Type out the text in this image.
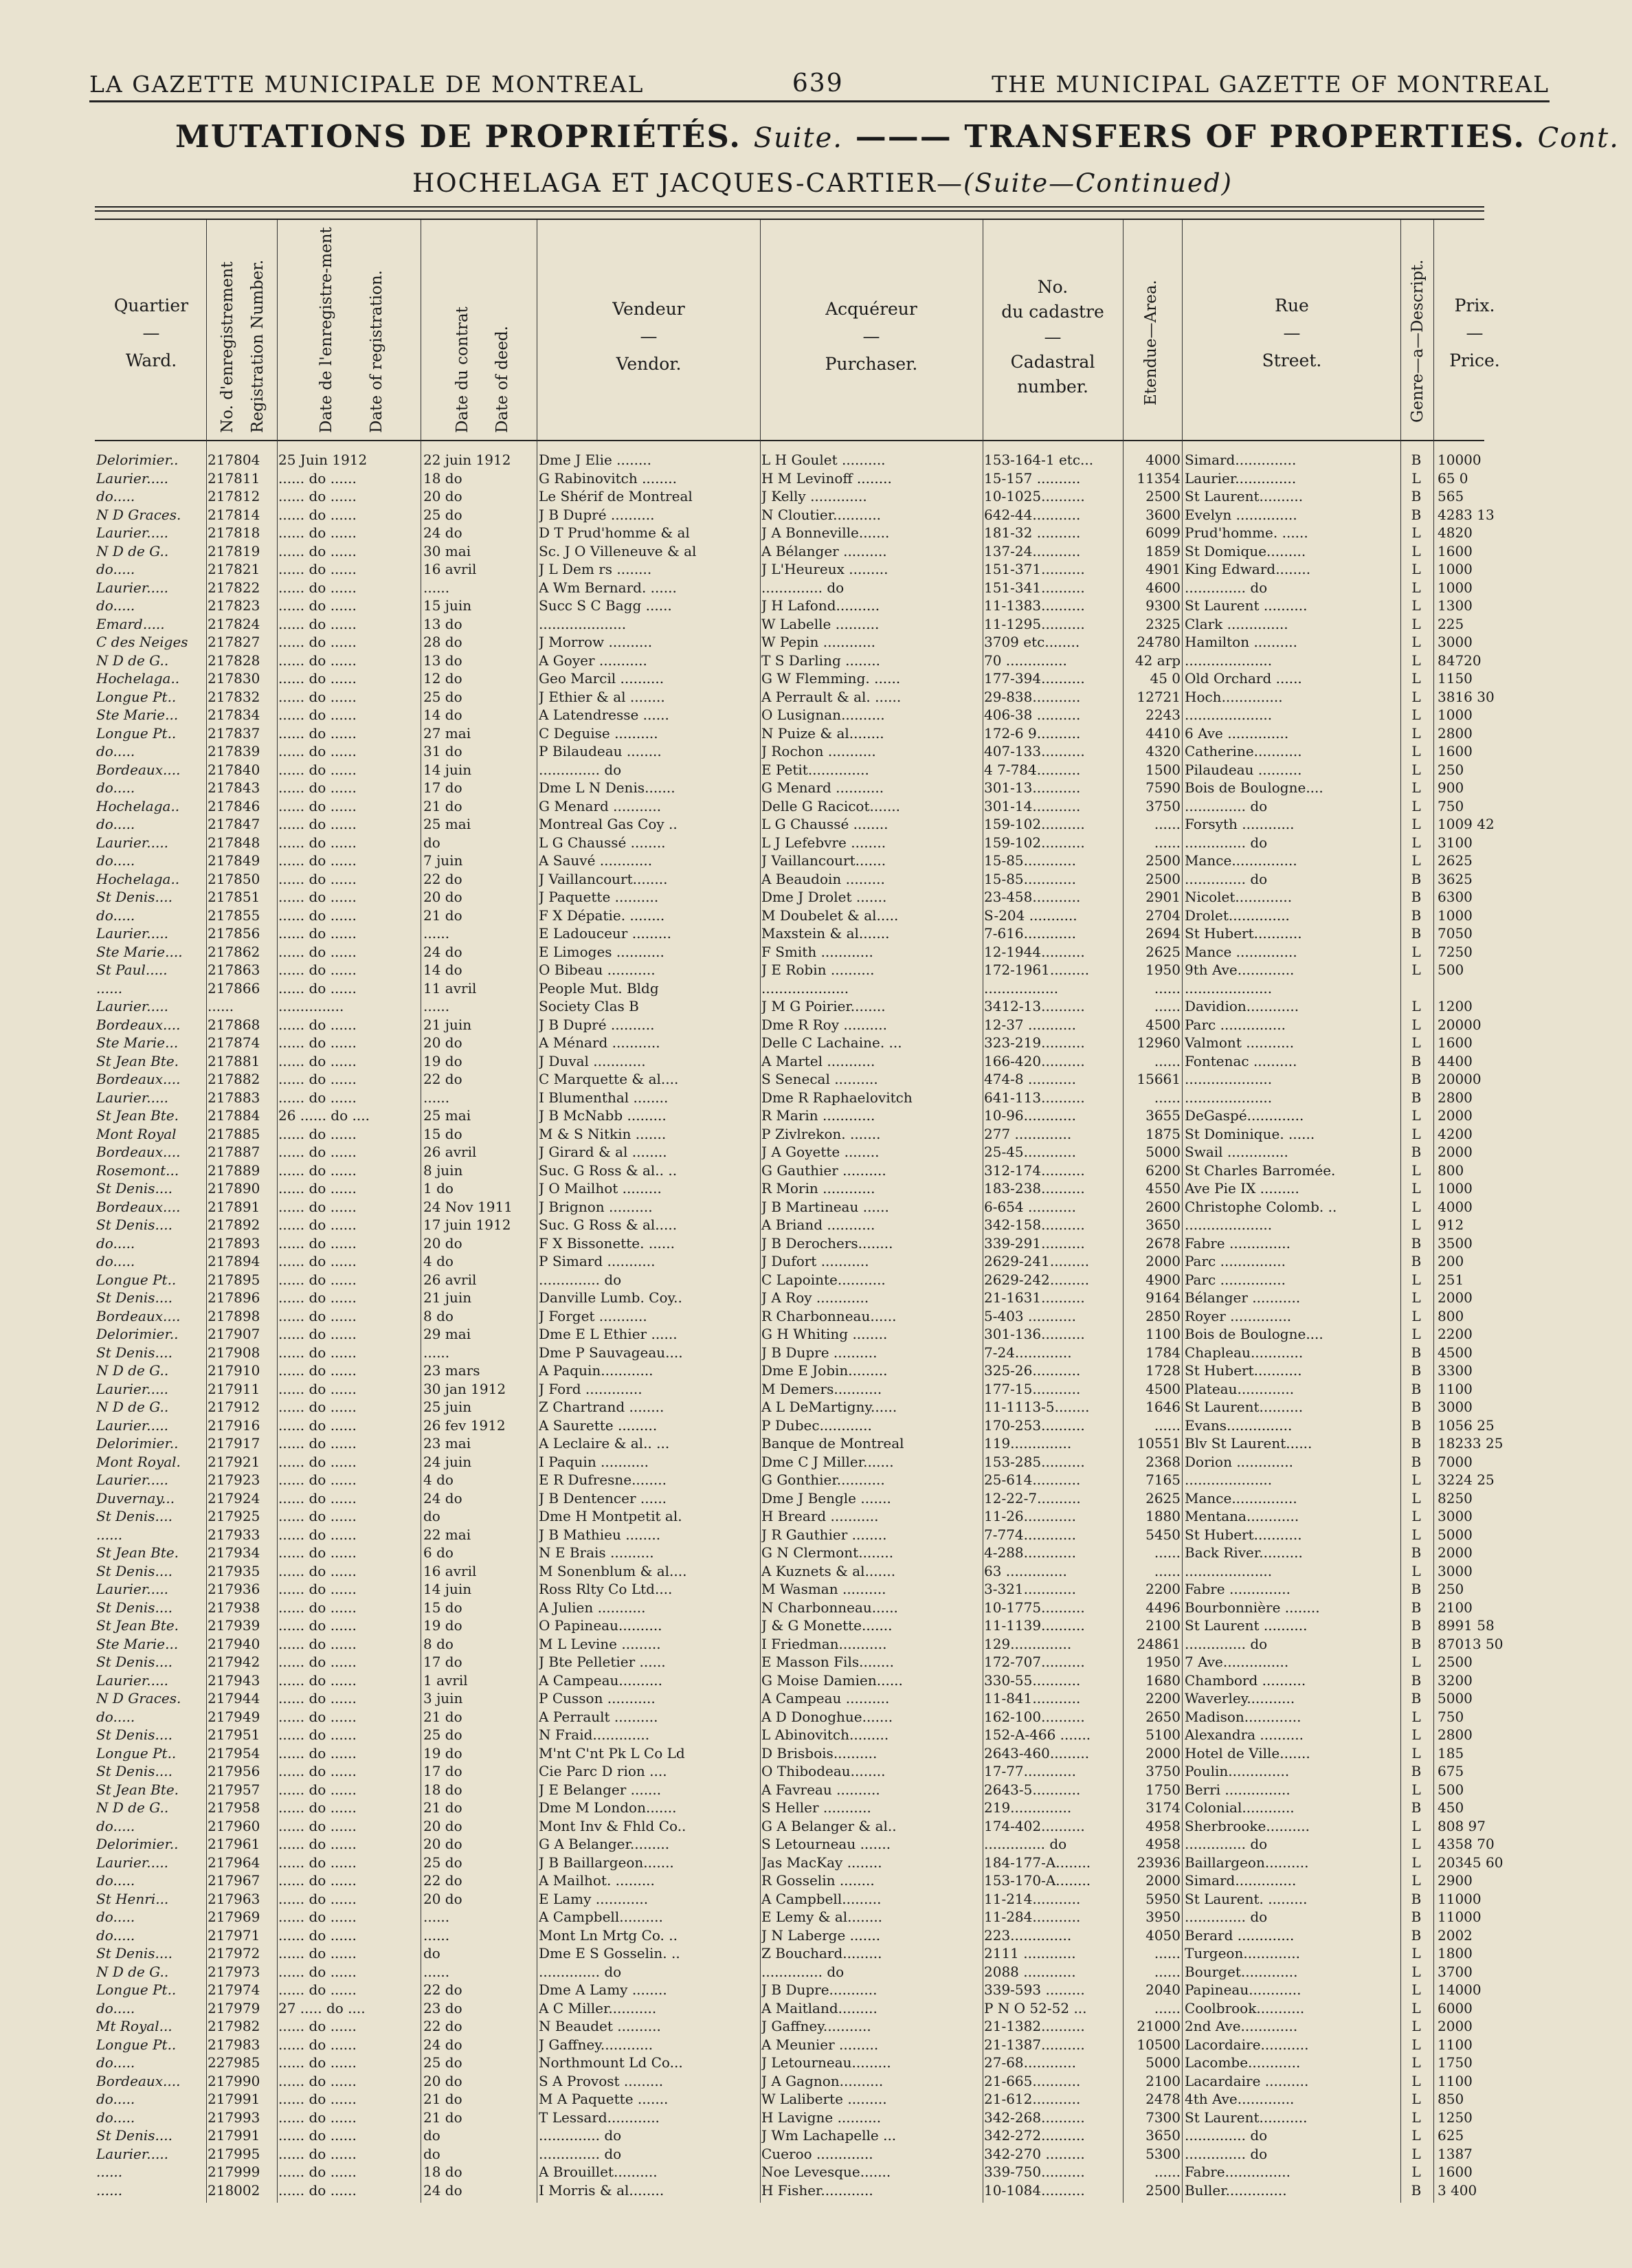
LA GAZETTE MUNICIPALE DE MONTREAL	639	THE MUNICIPAL GAZETTE OF MONTREAL
MUTATIONS DE PROPRIÉTÉS. Suite. ——— TRANSFERS OF PROPERTIES. Cont.
HOCHELAGA ET JACQUES-CARTIER—(Suite—Continued)
Quartier
—
Ward.	No. d'enregistrement Registration Number.	Date de l'enregistre-ment Date of registration.	Date du contrat Date of deed.
Vendeur
—
Vendor.
Acquéreur
—
Purchaser.
No.
du cadastre
—
Cadastral
number.	Etendue—Area.	Rue
—
Street.	Genre—a—Descript.	Prix.
—
Price.
Delorimier..	217804	25 Juin 1912	22 juin 1912	Dme J Elie ........	L H Goulet ..........	153-164-1 etc...	4000 Simard..............	B	10000
Laurier.....	217811	...... do ......	18 do	G Rabinovitch ........	H M Levinoff ........	15-157 ..........	11354 Laurier..............	L	65 0
do.....	217812	...... do ......	20 do	Le Shérif de Montreal	J Kelly .............	10-1025..........	2500 St Laurent..........	B	565
N D Graces.	217814	...... do ......	25 do	J B Dupré ..........	N Cloutier...........	642-44...........	3600 Evelyn ..............	B	4283 13
Laurier.....	217818	...... do ......	24 do	D T Prud'homme & al	J A Bonneville.......	181-32 ..........	6099 Prud'homme. ......	L	4820
N D de G..	217819	...... do ......	30 mai	Sc. J O Villeneuve & al	A Bélanger ..........	137-24...........	1859 St Domique.........	L	1600
do.....	217821	...... do ......	16 avril	J L Dem rs ........	J L'Heureux .........	151-371..........	4901 King Edward........	L	1000
Laurier.....	217822	...... do ......	......	A Wm Bernard. ......	.............. do	151-341..........	4600 .............. do	L	1000
do.....	217823	...... do ......	15 juin	Succ S C Bagg ......	J H Lafond..........	11-1383..........	9300 St Laurent ..........	L	1300
Emard.....	217824	...... do ......	13 do	....................	W Labelle ..........	11-1295..........	2325 Clark ..............	L	225
C des Neiges	217827	...... do ......	28 do	J Morrow ..........	W Pepin ............	3709 etc........	24780 Hamilton ..........	L	3000
N D de G..	217828	...... do ......	13 do	A Goyer ...........	T S Darling ........	70 ..............	42 arp ....................	L	84720
Hochelaga..	217830	...... do ......	12 do	Geo Marcil ..........	G W Flemming. ......	177-394..........	45 0 Old Orchard ......	L	1150
Longue Pt..	217832	...... do ......	25 do	J Ethier & al ........	A Perrault & al. ......	29-838...........	12721 Hoch..............	L	3816 30
Ste Marie...	217834	...... do ......	14 do	A Latendresse ......	O Lusignan..........	406-38 ..........	2243 ....................	L	1000
Longue Pt..	217837	...... do ......	27 mai	C Deguise ..........	N Puize & al........	172-6 9..........	4410 6 Ave ..............	L	2800
do.....	217839	...... do ......	31 do	P Bilaudeau ........	J Rochon ...........	407-133..........	4320 Catherine...........	L	1600
Bordeaux....	217840	...... do ......	14 juin	.............. do	E Petit..............	4 7-784..........	1500 Pilaudeau ..........	L	250
do.....	217843	...... do ......	17 do	Dme L N Denis.......	G Menard ...........	301-13...........	7590 Bois de Boulogne....	L	900
Hochelaga..	217846	...... do ......	21 do	G Menard ...........	Delle G Racicot.......	301-14...........	3750 .............. do	L	750
do.....	217847	...... do ......	25 mai	Montreal Gas Coy ..	L G Chaussé ........	159-102..........	...... Forsyth ............	L	1009 42
Laurier.....	217848	...... do ......	do	L G Chaussé ........	L J Lefebvre ........	159-102..........	...... .............. do	L	3100
do.....	217849	...... do ......	7 juin	A Sauvé ............	J Vaillancourt.......	15-85............	2500 Mance...............	L	2625
Hochelaga..	217850	...... do ......	22 do	J Vaillancourt........	A Beaudoin .........	15-85............	2500 .............. do	B	3625
St Denis....	217851	...... do ......	20 do	J Paquette ..........	Dme J Drolet .......	23-458...........	2901 Nicolet.............	B	6300
do.....	217855	...... do ......	21 do	F X Dépatie. ........	M Doubelet & al.....	S-204 ...........	2704 Drolet..............	B	1000
Laurier.....	217856	...... do ......	......	E Ladouceur .........	Maxstein & al.......	7-616............	2694 St Hubert...........	B	7050
Ste Marie....	217862	...... do ......	24 do	E Limoges ...........	F Smith ............	12-1944..........	2625 Mance ..............	L	7250
St Paul.....	217863	...... do ......	14 do	O Bibeau ...........	J E Robin ..........	172-1961.........	1950 9th Ave.............	L	500
......	217866	...... do ......	11 avril	People Mut. Bldg	....................	.................	...... ....................
Laurier.....	......	...............	......	Society Clas B	J M G Poirier........	3412-13..........	...... Davidion............	L	1200
Bordeaux....	217868	...... do ......	21 juin	J B Dupré ..........	Dme R Roy ..........	12-37 ...........	4500 Parc ...............	L	20000
Ste Marie...	217874	...... do ......	20 do	A Ménard ...........	Delle C Lachaine. ...	323-219..........	12960 Valmont ...........	L	1600
St Jean Bte.	217881	...... do ......	19 do	J Duval ............	A Martel ...........	166-420..........	...... Fontenac ..........	B	4400
Bordeaux....	217882	...... do ......	22 do	C Marquette & al....	S Senecal ..........	474-8 ...........	15661 ....................	B	20000
Laurier.....	217883	...... do ......	......	I Blumenthal ........	Dme R Raphaelovitch	641-113..........	...... ....................	B	2800
St Jean Bte.	217884	26 ...... do ....	25 mai	J B McNabb .........	R Marin ............	10-96............	3655 DeGaspé.............	L	2000
Mont Royal	217885	...... do ......	15 do	M & S Nitkin .......	P Zivlrekon. .......	277 .............	1875 St Dominique. ......	L	4200
Bordeaux....	217887	...... do ......	26 avril	J Girard & al ........	J A Goyette ........	25-45............	5000 Swail ..............	B	2000
Rosemont...	217889	...... do ......	8 juin	Suc. G Ross & al.. ..	G Gauthier ..........	312-174..........	6200 St Charles Barromée.	L	800
St Denis....	217890	...... do ......	1 do	J O Mailhot .........	R Morin ............	183-238..........	4550 Ave Pie IX .........	L	1000
Bordeaux....	217891	...... do ......	24 Nov 1911	J Brignon ..........	J B Martineau ......	6-654 ...........	2600 Christophe Colomb. ..	L	4000
St Denis....	217892	...... do ......	17 juin 1912	Suc. G Ross & al.....	A Briand ...........	342-158..........	3650 ....................	L	912
do.....	217893	...... do ......	20 do	F X Bissonette. ......	J B Derochers........	339-291..........	2678 Fabre ..............	B	3500
do.....	217894	...... do ......	4 do	P Simard ...........	J Dufort ...........	2629-241.........	2000 Parc ...............	B	200
Longue Pt..	217895	...... do ......	26 avril	.............. do	C Lapointe...........	2629-242.........	4900 Parc ...............	L	251
St Denis....	217896	...... do ......	21 juin	Danville Lumb. Coy..	J A Roy ............	21-1631..........	9164 Bélanger ...........	L	2000
Bordeaux....	217898	...... do ......	8 do	J Forget ...........	R Charbonneau......	5-403 ...........	2850 Royer ..............	L	800
Delorimier..	217907	...... do ......	29 mai	Dme E L Ethier ......	G H Whiting ........	301-136..........	1100 Bois de Boulogne....	L	2200
St Denis....	217908	...... do ......	......	Dme P Sauvageau....	J B Dupre ..........	7-24.............	1784 Chapleau............	B	4500
N D de G..	217910	...... do ......	23 mars	A Paquin............	Dme E Jobin.........	325-26...........	1728 St Hubert...........	B	3300
Laurier.....	217911	...... do ......	30 jan 1912	J Ford .............	M Demers...........	177-15...........	4500 Plateau.............	B	1100
N D de G..	217912	...... do ......	25 juin	Z Chartrand ........	A L DeMartigny......	11-1113-5........	1646 St Laurent..........	B	3000
Laurier.....	217916	...... do ......	26 fev 1912	A Saurette .........	P Dubec............	170-253..........	...... Evans...............	B	1056 25
Delorimier..	217917	...... do ......	23 mai	A Leclaire & al.. ...	Banque de Montreal	119..............	10551 Blv St Laurent......	B	18233 25
Mont Royal.	217921	...... do ......	24 juin	I Paquin ...........	Dme C J Miller.......	153-285..........	2368 Dorion .............	B	7000
Laurier.....	217923	...... do ......	4 do	E R Dufresne........	G Gonthier...........	25-614...........	7165 ....................	L	3224 25
Duvernay...	217924	...... do ......	24 do	J B Dentencer ......	Dme J Bengle .......	12-22-7..........	2625 Mance...............	L	8250
St Denis....	217925	...... do ......	do	Dme H Montpetit al.	H Breard ...........	11-26............	1880 Mentana............	L	3000
......	217933	...... do ......	22 mai	J B Mathieu ........	J R Gauthier ........	7-774............	5450 St Hubert...........	L	5000
St Jean Bte.	217934	...... do ......	6 do	N E Brais ..........	G N Clermont........	4-288............	...... Back River..........	B	2000
St Denis....	217935	...... do ......	16 avril	M Sonenblum & al....	A Kuznets & al.......	63 ..............	...... ....................	L	3000
Laurier.....	217936	...... do ......	14 juin	Ross Rlty Co Ltd....	M Wasman ..........	3-321............	2200 Fabre ..............	B	250
St Denis....	217938	...... do ......	15 do	A Julien ...........	N Charbonneau......	10-1775..........	4496 Bourbonnière ........	B	2100
St Jean Bte.	217939	...... do ......	19 do	O Papineau..........	J & G Monette.......	11-1139..........	2100 St Laurent ..........	B	8991 58
Ste Marie...	217940	...... do ......	8 do	M L Levine .........	I Friedman...........	129..............	24861 .............. do	B	87013 50
St Denis....	217942	...... do ......	17 do	J Bte Pelletier ......	E Masson Fils........	172-707..........	1950 7 Ave...............	L	2500
Laurier.....	217943	...... do ......	1 avril	A Campeau..........	G Moise Damien......	330-55...........	1680 Chambord ..........	B	3200
N D Graces.	217944	...... do ......	3 juin	P Cusson ...........	A Campeau ..........	11-841...........	2200 Waverley...........	B	5000
do.....	217949	...... do ......	21 do	A Perrault ..........	A D Donoghue.......	162-100..........	2650 Madison.............	L	750
St Denis....	217951	...... do ......	25 do	N Fraid.............	L Abinovitch.........	152-A-466 .......	5100 Alexandra ..........	L	2800
Longue Pt..	217954	...... do ......	19 do	M'nt C'nt Pk L Co Ld	D Brisbois..........	2643-460.........	2000 Hotel de Ville.......	L	185
St Denis....	217956	...... do ......	17 do	Cie Parc D rion ....	O Thibodeau........	17-77............	3750 Poulin..............	B	675
St Jean Bte.	217957	...... do ......	18 do	J E Belanger .......	A Favreau ..........	2643-5...........	1750 Berri ...............	L	500
N D de G..	217958	...... do ......	21 do	Dme M London.......	S Heller ...........	219..............	3174 Colonial............	B	450
do.....	217960	...... do ......	20 do	Mont Inv & Fhld Co..	G A Belanger & al..	174-402..........	4958 Sherbrooke..........	L	808 97
Delorimier..	217961	...... do ......	20 do	G A Belanger.........	S Letourneau .......	.............. do	4958 .............. do	L	4358 70
Laurier.....	217964	...... do ......	25 do	J B Baillargeon.......	Jas MacKay ........	184-177-A........	23936 Baillargeon..........	L	20345 60
do.....	217967	...... do ......	22 do	A Mailhot. .........	R Gosselin ........	153-170-A........	2000 Simard..............	L	2900
St Henri...	217963	...... do ......	20 do	E Lamy ............	A Campbell.........	11-214...........	5950 St Laurent. .........	B	11000
do.....	217969	...... do ......	......	A Campbell..........	E Lemy & al........	11-284...........	3950 .............. do	B	11000
do.....	217971	...... do ......	......	Mont Ln Mrtg Co. ..	J N Laberge .......	223..............	4050 Berard .............	B	2002
St Denis....	217972	...... do ......	do	Dme E S Gosselin. ..	Z Bouchard.........	2111 ............	...... Turgeon.............	L	1800
N D de G..	217973	...... do ......	......	.............. do	.............. do	2088 ............	...... Bourget.............	L	3700
Longue Pt..	217974	...... do ......	22 do	Dme A Lamy ........	J B Dupre...........	339-593 .........	2040 Papineau............	L	14000
do.....	217979	27 ..... do ....	23 do	A C Miller...........	A Maitland.........	P N O 52-52 ...	...... Coolbrook...........	L	6000
Mt Royal...	217982	...... do ......	22 do	N Beaudet ..........	J Gaffney...........	21-1382..........	21000 2nd Ave.............	L	2000
Longue Pt..	217983	...... do ......	24 do	J Gaffney............	A Meunier .........	21-1387..........	10500 Lacordaire...........	L	1100
do.....	227985	...... do ......	25 do	Northmount Ld Co...	J Letourneau.........	27-68............	5000 Lacombe............	L	1750
Bordeaux....	217990	...... do ......	20 do	S A Provost .........	J A Gagnon..........	21-665...........	2100 Lacardaire ..........	L	1100
do.....	217991	...... do ......	21 do	M A Paquette .......	W Laliberte .........	21-612...........	2478 4th Ave.............	L	850
do.....	217993	...... do ......	21 do	T Lessard............	H Lavigne ..........	342-268..........	7300 St Laurent...........	L	1250
St Denis....	217991	...... do ......	do	.............. do	J Wm Lachapelle ...	342-272..........	3650 .............. do	L	625
Laurier.....	217995	...... do ......	do	.............. do	Cueroo .............	342-270 .........	5300 .............. do	L	1387
......	217999	...... do ......	18 do	A Brouillet..........	Noe Levesque.......	339-750..........	...... Fabre...............	L	1600
......	218002	...... do ......	24 do	I Morris & al........	H Fisher............	10-1084..........	2500 Buller..............	B	3 400
